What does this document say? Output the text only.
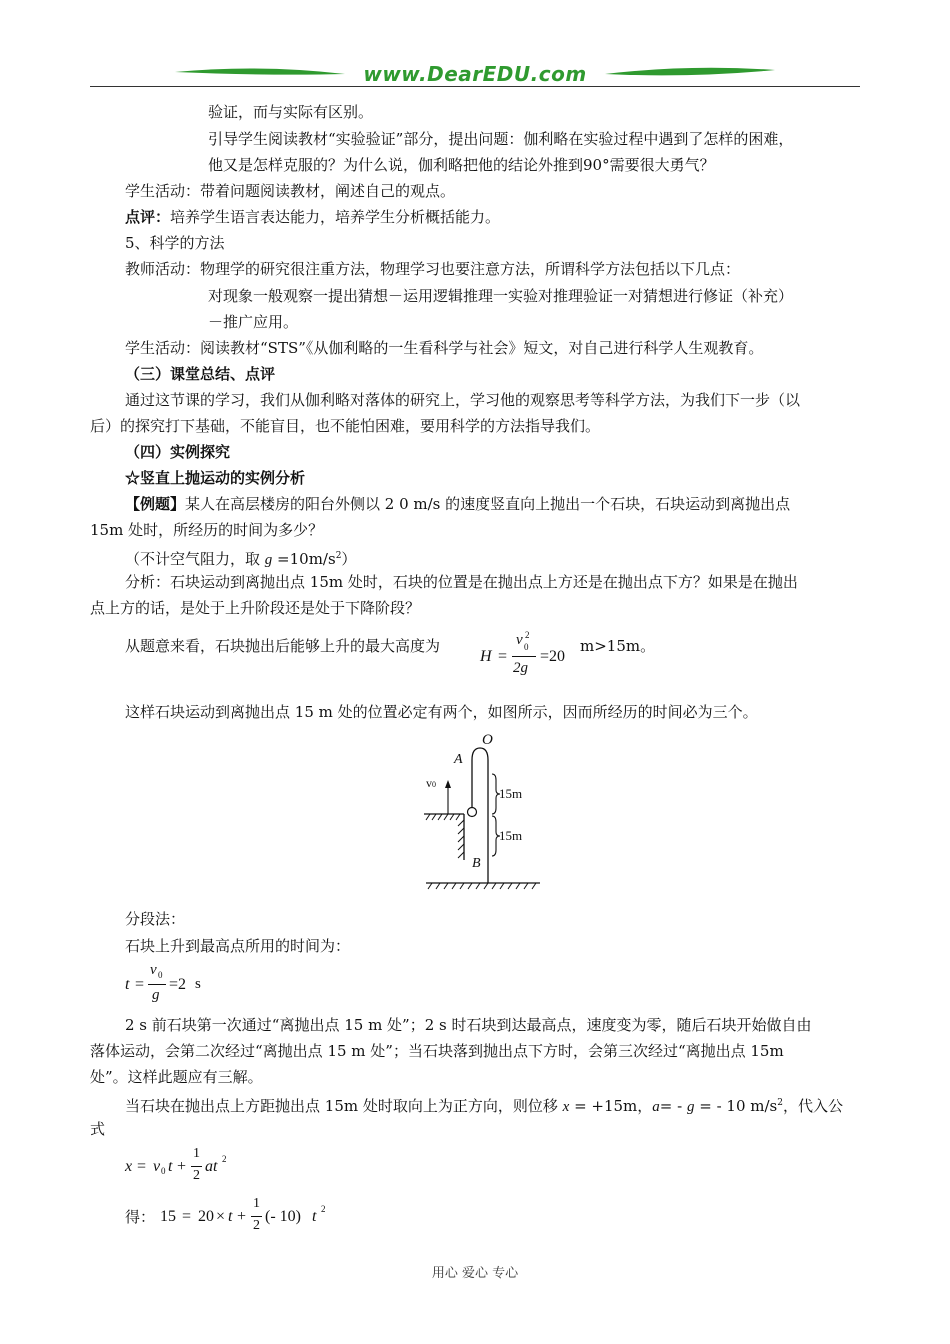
www.DearEDU.com
验证，而与实际有区别。
引导学生阅读教材“实验验证”部分，提出问题：伽利略在实验过程中遇到了怎样的困难，
他又是怎样克服的？为什么说，伽利略把他的结论外推到90°需要很大勇气？
学生活动：带着问题阅读教材，阐述自己的观点。
点评：培养学生语言表达能力，培养学生分析概括能力。
5、科学的方法
教师活动：物理学的研究很注重方法，物理学习也要注意方法，所谓科学方法包括以下几点：
对现象一般观察一提出猜想－运用逻辑推理一实验对推理验证一对猜想进行修证（补充）
－推广应用。
学生活动：阅读教材“STS”《从伽利略的一生看科学与社会》短文，对自己进行科学人生观教育。
（三）课堂总结、点评
通过这节课的学习，我们从伽利略对落体的研究上，学习他的观察思考等科学方法，为我们下一步（以
后）的探究打下基础，不能盲目，也不能怕困难，要用科学的方法指导我们。
（四）实例探究
☆竖直上抛运动的实例分析
【例题】某人在高层楼房的阳台外侧以 2 0 m/s 的速度竖直向上抛出一个石块，石块运动到离抛出点
15m 处时，所经历的时间为多少？
（不计空气阻力，取 $g =10m/s^2$）
分析：石块运动到离抛出点 15m 处时，石块的位置是在抛出点上方还是在抛出点下方？如果是在抛出
点上方的话，是处于上升阶段还是处于下降阶段？
从题意来看，石块抛出后能够上升的最大高度为
H =
v 0
2
2g
=20
m>15m。
这样石块运动到离抛出点 15 m 处的位置必定有两个，如图所示，因而所经历的时间必为三个。
O
A
v0
15m
15m
B
分段法：
石块上升到最高点所用的时间为：
t =
v 0
g
=2 s
2 s 前石块第一次通过“离抛出点 15 m 处”；2 s 时石块到达最高点，速度变为零，随后石块开始做自由
落体运动，会第二次经过“离抛出点 15 m 处”；当石块落到抛出点下方时，会第三次经过“离抛出点 15m
处”。这样此题应有三解。
当石块在抛出点上方距抛出点 15m 处时取向上为正方向，则位移 x = +15m，a= - g = - 10 $m/s^2$，代入公
式
x = v 0 t +
1
2
at 2
得： 15 = 20 × t +
1
2
(- 10) t 2
用心 爱心 专心
